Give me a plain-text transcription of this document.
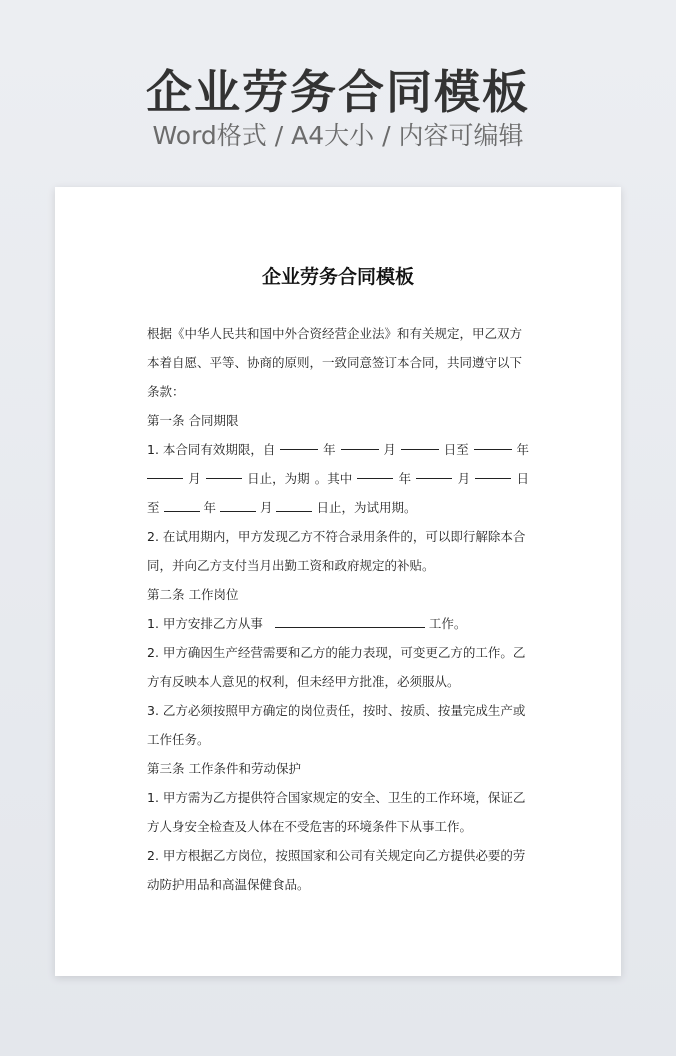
企业劳务合同模板
Word格式 / A4大小 / 内容可编辑
企业劳务合同模板

根据《中华人民共和国中外合资经营企业法》和有关规定，甲乙双方本着自愿、平等、协商的原则，一致同意签订本合同，共同遵守以下条款：

第一条 合同期限

1. 本合同有效期限，自	年	月	日至	年
月	日止，为期 。其中	年	月	日
至	年	月	日止，为试用期。

2. 在试用期内，甲方发现乙方不符合录用条件的，可以即行解除本合同，并向乙方支付当月出勤工资和政府规定的补贴。

第二条 工作岗位

1. 甲方安排乙方从事	工作。

2. 甲方确因生产经营需要和乙方的能力表现，可变更乙方的工作。乙方有反映本人意见的权利，但未经甲方批准，必须服从。

3. 乙方必须按照甲方确定的岗位责任，按时、按质、按量完成生产或工作任务。

第三条 工作条件和劳动保护

1. 甲方需为乙方提供符合国家规定的安全、卫生的工作环境，保证乙方人身安全检查及人体在不受危害的环境条件下从事工作。

2. 甲方根据乙方岗位，按照国家和公司有关规定向乙方提供必要的劳动防护用品和高温保健食品。
